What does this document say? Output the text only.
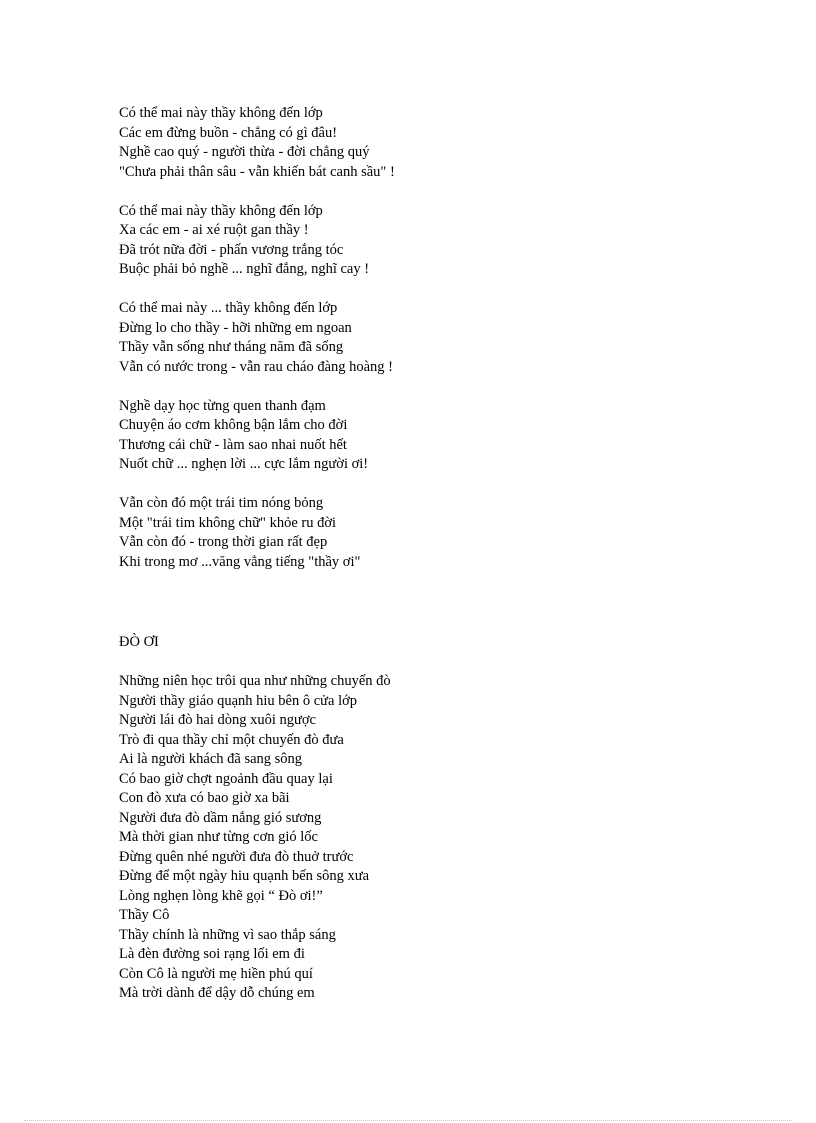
Có thể mai này thầy không đến lớp
Các em đừng buồn - chẳng có gì đâu!
Nghề cao quý - người thừa - đời chẳng quý
"Chưa phải thân sâu - vẫn khiến bát canh sầu" !
Có thể mai này thầy không đến lớp
Xa các em - ai xé ruột gan thầy !
Đã trót nữa đời - phấn vương trắng tóc
Buộc phải bỏ nghề ... nghĩ đắng, nghĩ cay !
Có thể mai này ... thầy không đến lớp
Đừng lo cho thầy - hỡi những em ngoan
Thầy vẫn sống như tháng năm đã sống
Vẫn có nước trong - vẫn rau cháo đàng hoàng !
Nghề dạy học từng quen thanh đạm
Chuyện áo cơm không bận lắm cho đời
Thương cái chữ - làm sao nhai nuốt hết
Nuốt chữ ... nghẹn lời ... cực lắm người ơi!
Vẫn còn đó một trái tim nóng bỏng
Một "trái tim không chữ" khỏe ru đời
Vẫn còn đó - trong thời gian rất đẹp
Khi trong mơ ...văng vẳng tiếng "thầy ơi"
ĐÒ ƠI
Những niên học trôi qua như những chuyến đò
Người thầy giáo quạnh hiu bên ô cửa lớp
Người lái đò hai dòng xuôi ngược
Trò đi qua thầy chỉ một chuyến đò đưa
Ai là người khách đã sang sông
Có bao giờ chợt ngoảnh đầu quay lại
Con đò xưa có bao giờ xa bãi
Người đưa đò dầm nắng gió sương
Mà thời gian như từng cơn gió lốc
Đừng quên nhé người đưa đò thuở trước
Đừng để một ngày hiu quạnh bến sông xưa
Lòng nghẹn lòng khẽ gọi “ Đò ơi!”
Thầy Cô
Thầy chính là những vì sao thắp sáng
Là đèn đường soi rạng lối em đi
Còn Cô là người mẹ hiền phú quí
Mà trời dành để dậy dỗ chúng em
